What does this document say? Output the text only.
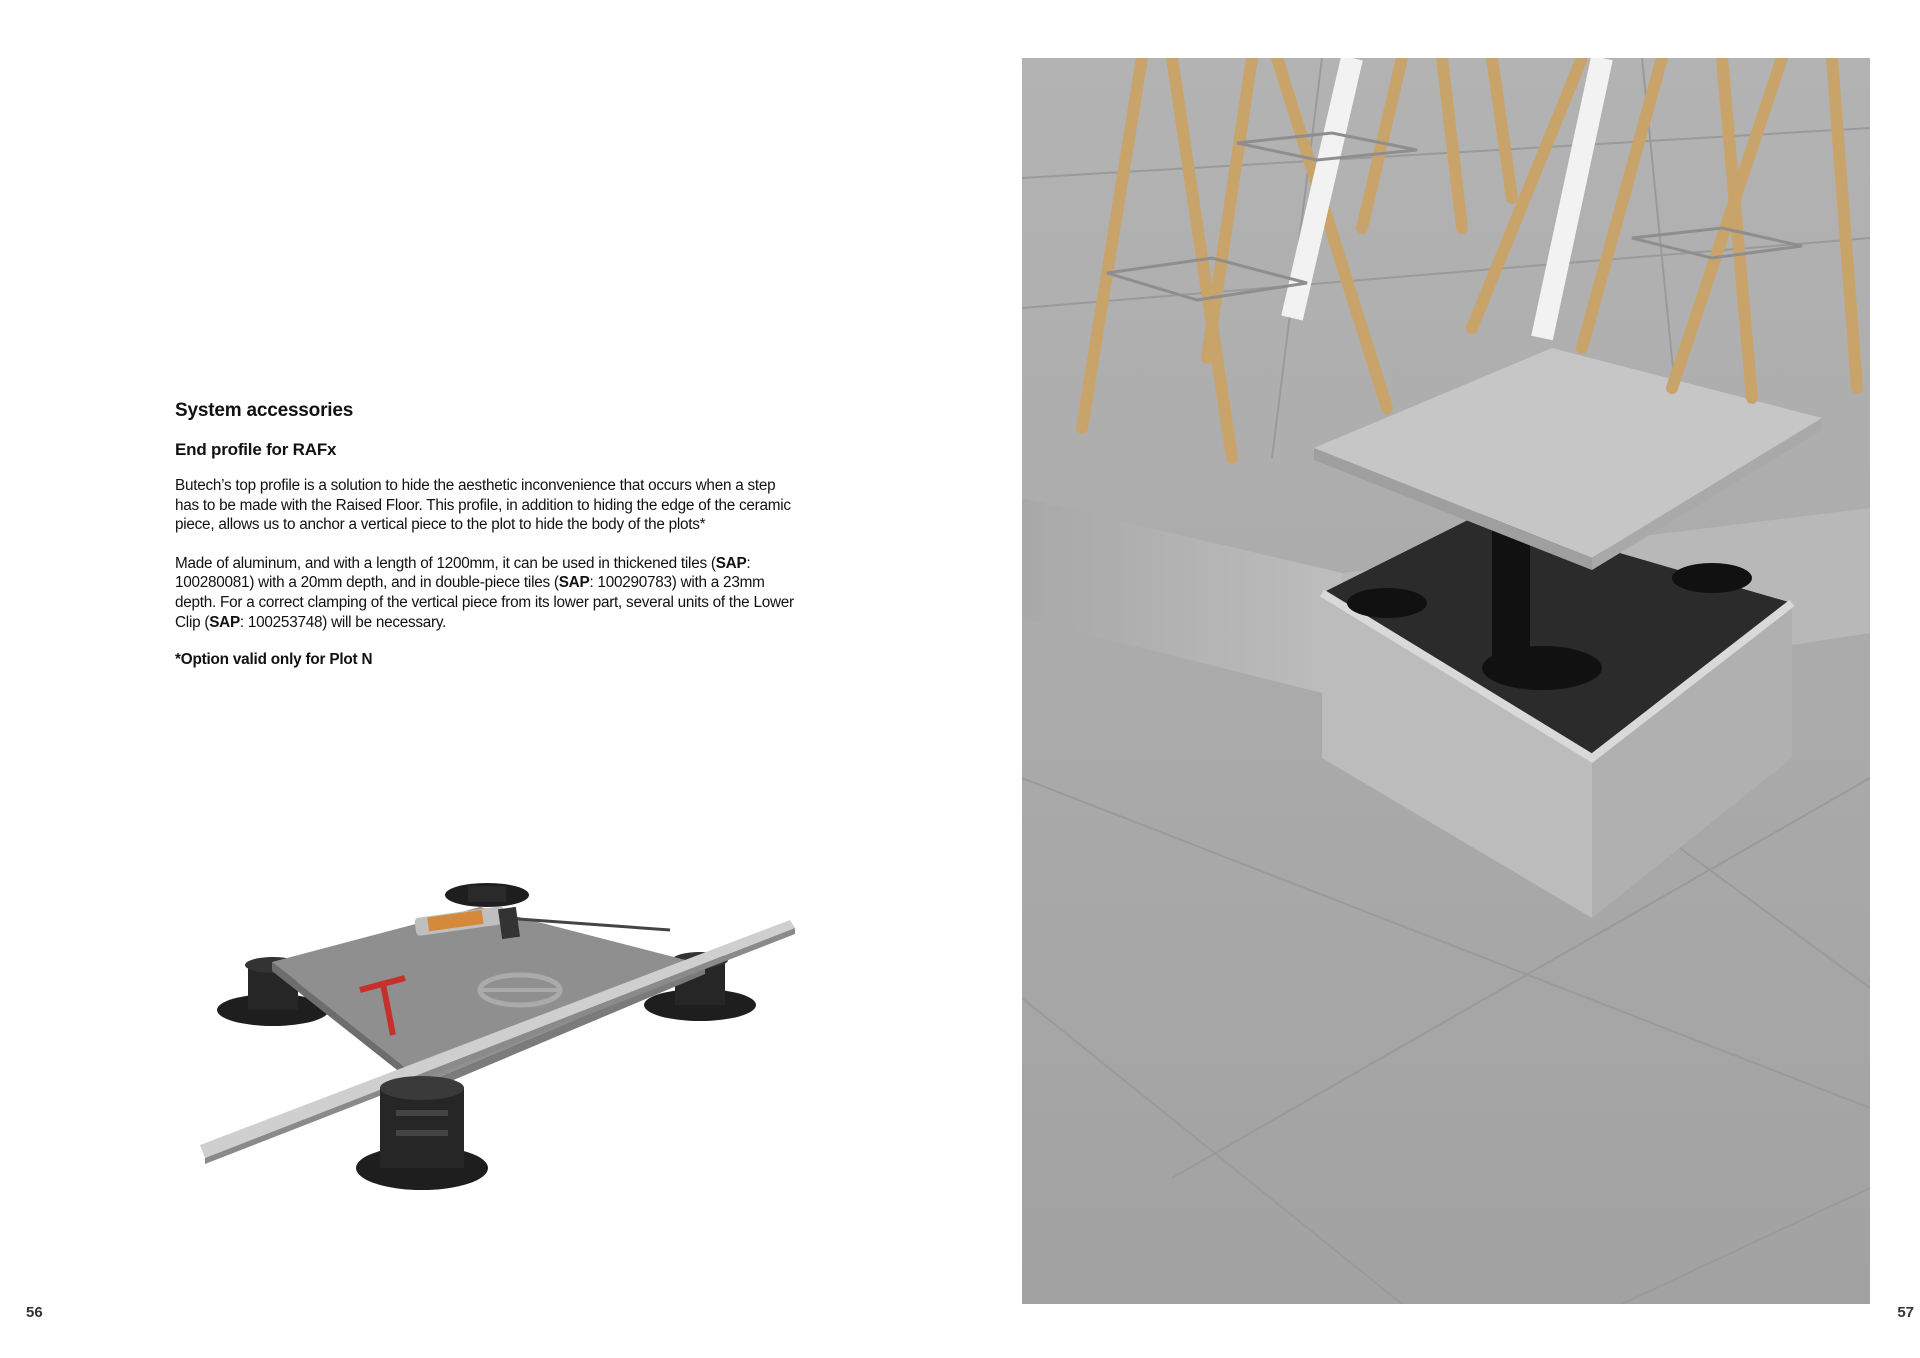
System accessories
End profile for RAFx

Butech’s top profile is a solution to hide the aesthetic inconvenience that occurs when a step has to be made with the Raised Floor. This profile, in addition to hiding the edge of the ceramic piece, allows us to anchor a vertical piece to the plot to hide the body of the plots*

Made of aluminum, and with a length of 1200mm, it can be used in thickened tiles (SAP: 100280081) with a 20mm depth, and in double-piece tiles (SAP: 100290783) with a 23mm depth. For a correct clamping of the vertical piece from its lower part, several units of the Lower Clip (SAP: 100253748) will be necessary.

*Option valid only for Plot N

56	57
